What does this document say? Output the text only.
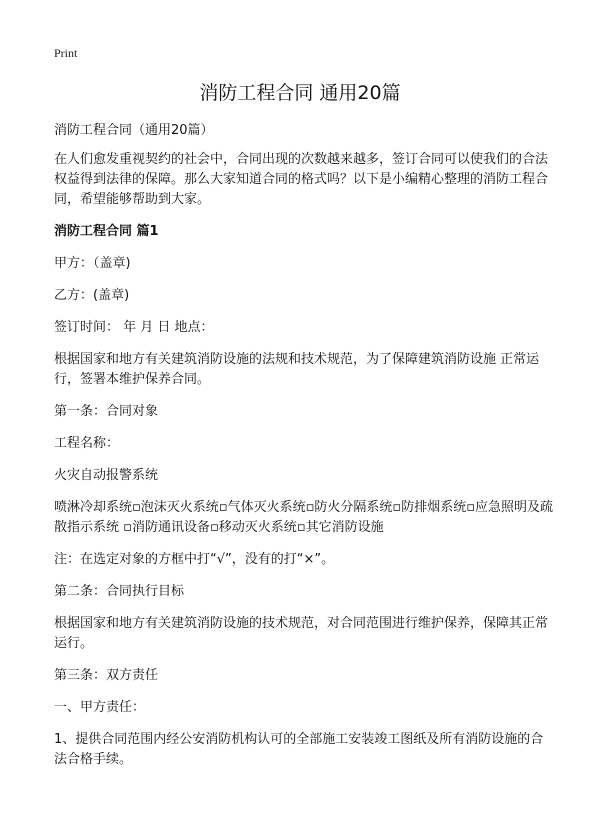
Print
消防工程合同 通用20篇

消防工程合同（通用20篇）

在人们愈发重视契约的社会中，合同出现的次数越来越多，签订合同可以使我们的合法权益得到法律的保障。那么大家知道合同的格式吗？以下是小编精心整理的消防工程合同，希望能够帮助到大家。

消防工程合同 篇1

甲方：（盖章)

乙方：(盖章)

签订时间： 年 月 日 地点：

根据国家和地方有关建筑消防设施的法规和技术规范，为了保障建筑消防设施 正常运行，签署本维护保养合同。

第一条：合同对象

工程名称：

火灾自动报警系统

喷淋冷却系统▫泡沫灭火系统▫气体灭火系统▫防火分隔系统▫防排烟系统▫应急照明及疏散指示系统 ▫消防通讯设备▫移动灭火系统▫其它消防设施

注：在选定对象的方框中打“√”，没有的打“×”。

第二条：合同执行目标

根据国家和地方有关建筑消防设施的技术规范，对合同范围进行维护保养，保障其正常运行。

第三条：双方责任

一、甲方责任：

1、提供合同范围内经公安消防机构认可的全部施工安装竣工图纸及所有消防设施的合法合格手续。
